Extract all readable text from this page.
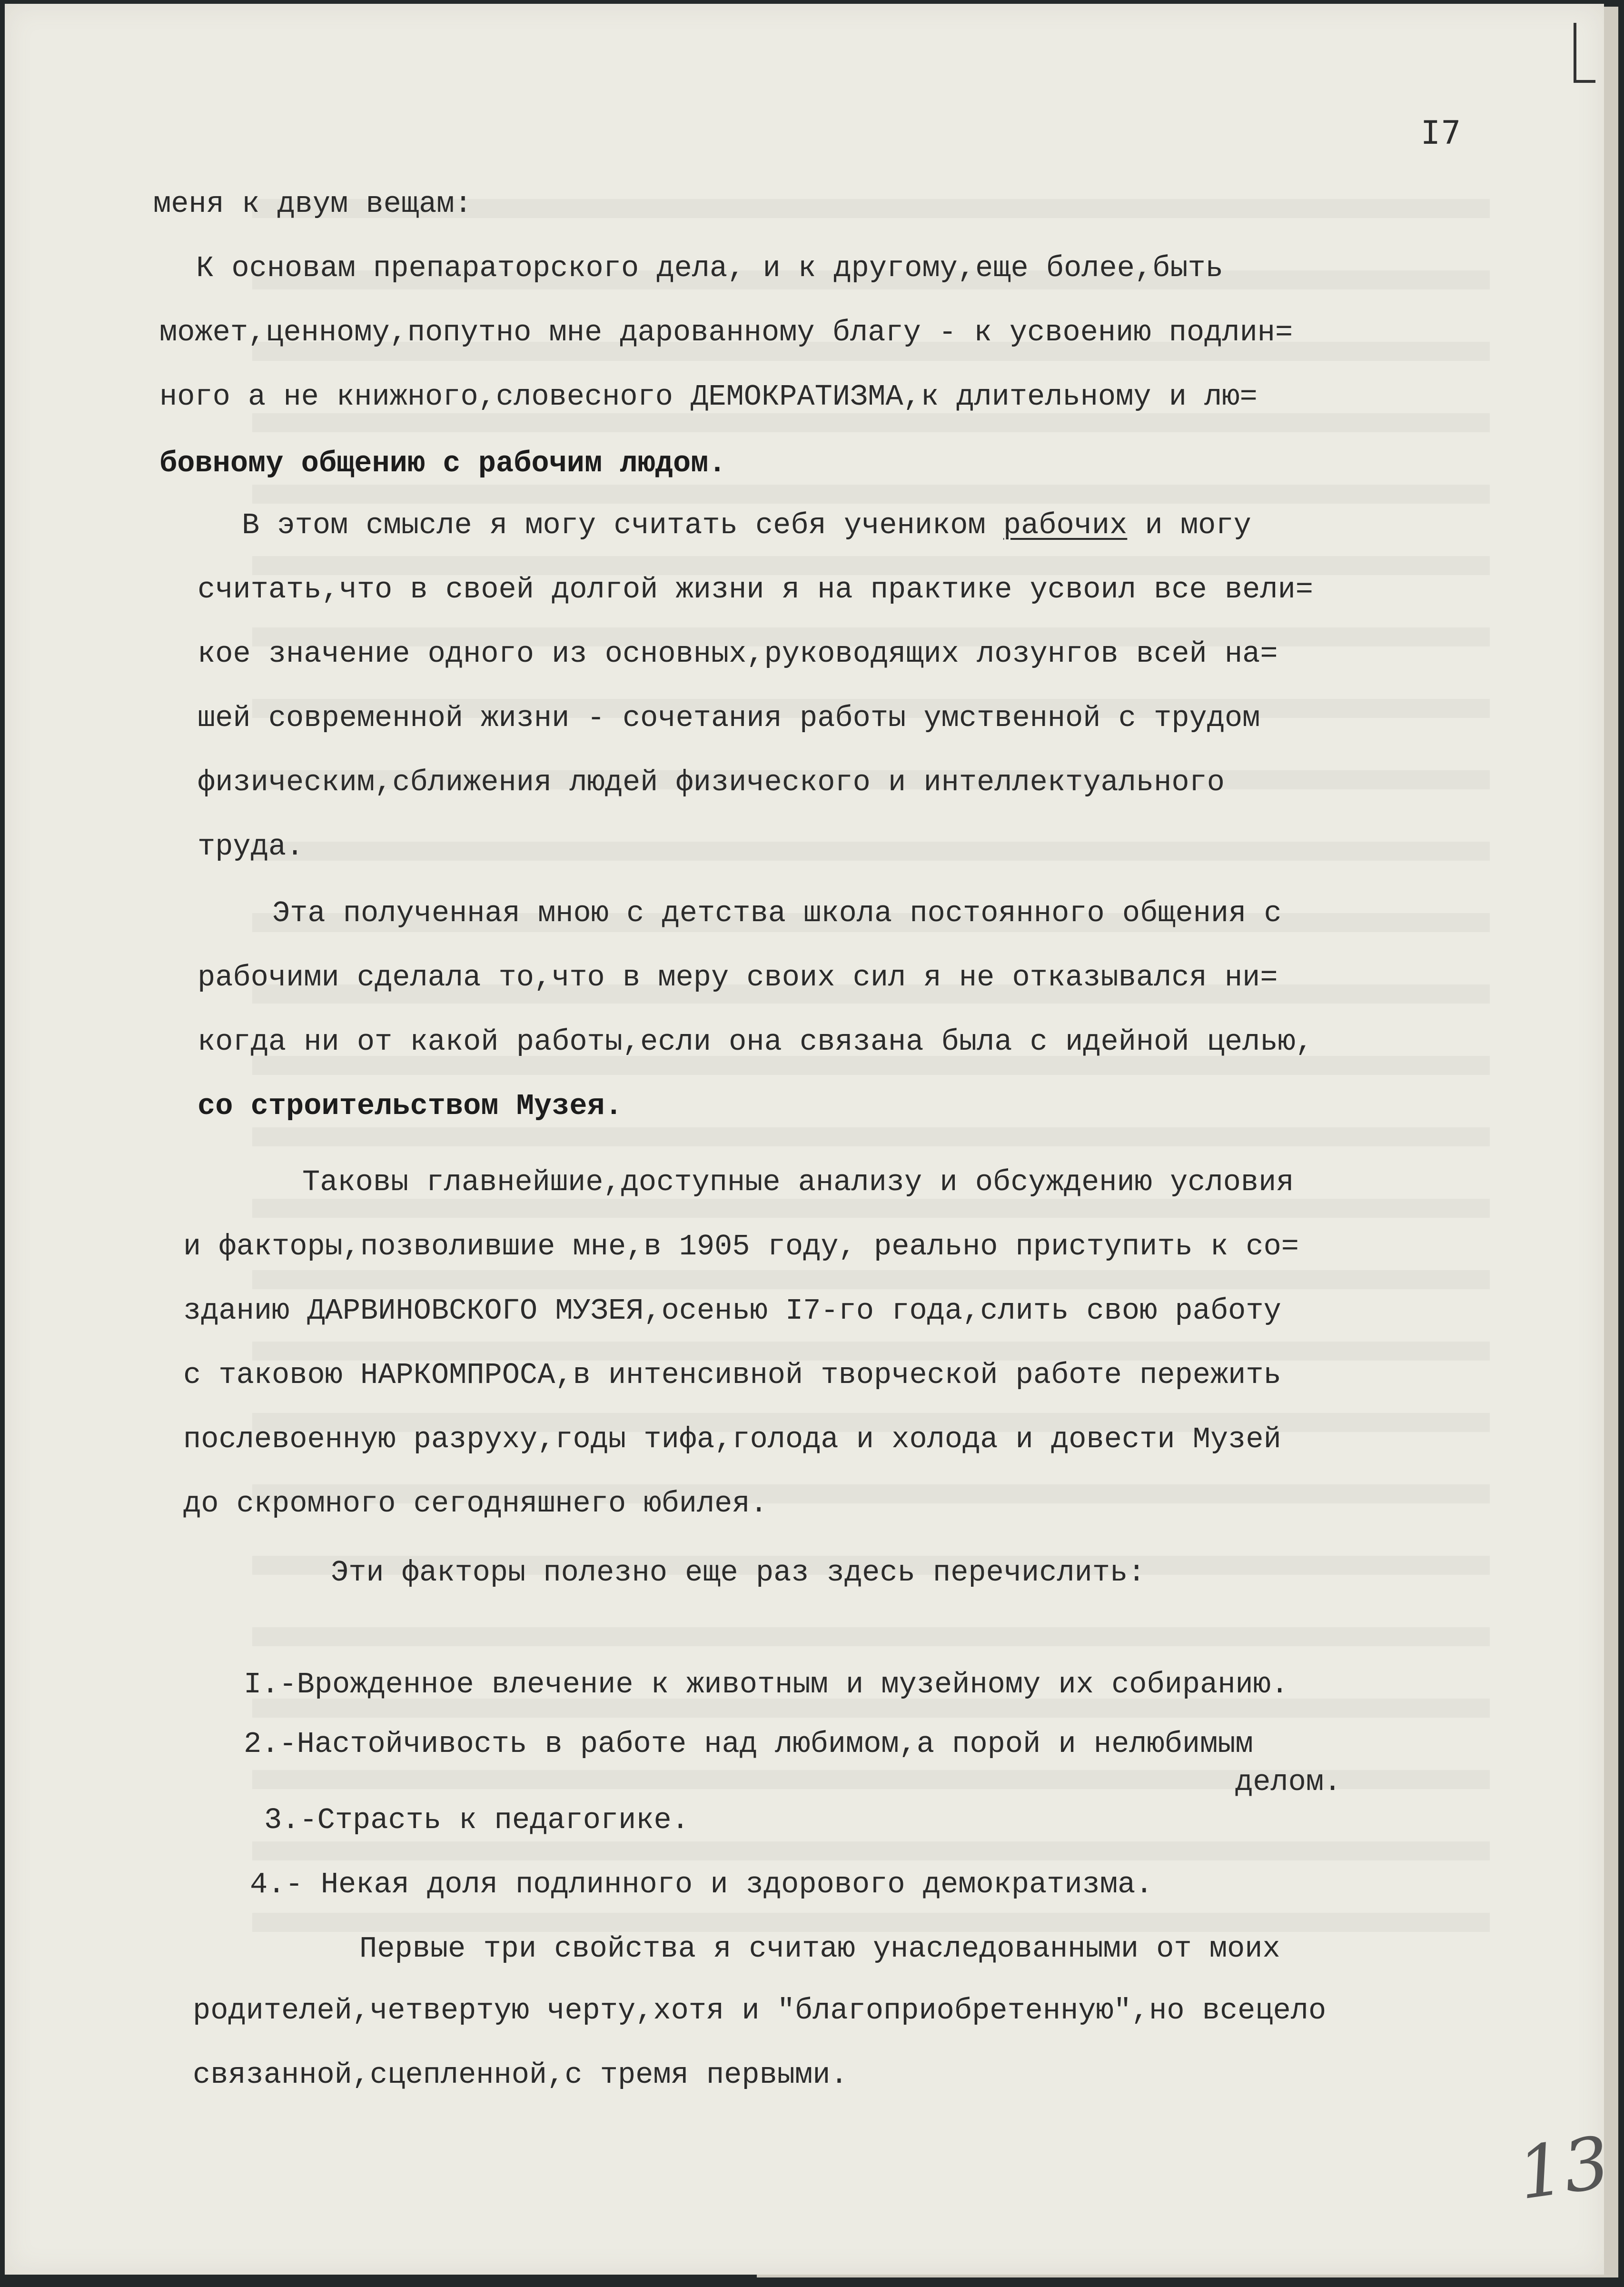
I7
меня к двум вещам:
К основам препараторского дела, и к другому,еще более,быть
может,ценному,попутно мне дарованному благу - к усвоению подлин=
ного а не книжного,словесного ДЕМОКРАТИЗМА,к длительному и лю=
бовному общению с рабочим людом.
В этом смысле я могу считать себя учеником рабочих и могу
считать,что в своей долгой жизни я на практике усвоил все вели=
кое значение одного из основных,руководящих лозунгов всей на=
шей современной жизни - сочетания работы умственной с трудом
физическим,сближения людей физического и интеллектуального
труда.
Эта полученная мною с детства школа постоянного общения с
рабочими сделала то,что в меру своих сил я не отказывался ни=
когда ни от какой работы,если она связана была с идейной целью,
со строительством Музея.
Таковы главнейшие,доступные анализу и обсуждению условия
и факторы,позволившие мне,в 1905 году, реально приступить к со=
зданию ДАРВИНОВСКОГО МУЗЕЯ,осенью I7-го года,слить свою работу
с таковою НАРКОМПРОСА,в интенсивной творческой работе пережить
послевоенную разруху,годы тифа,голода и холода и довести Музей
до скромного сегодняшнего юбилея.
Эти факторы полезно еще раз здесь перечислить:
I.-Врожденное влечение к животным и музейному их собиранию.
2.-Настойчивость в работе над любимом,а порой и нелюбимым
делом.
3.-Страсть к педагогике.
4.- Некая доля подлинного и здорового демократизма.
Первые три свойства я считаю унаследованными от моих
родителей,четвертую черту,хотя и "благоприобретенную",но всецело
связанной,сцепленной,с тремя первыми.
13
